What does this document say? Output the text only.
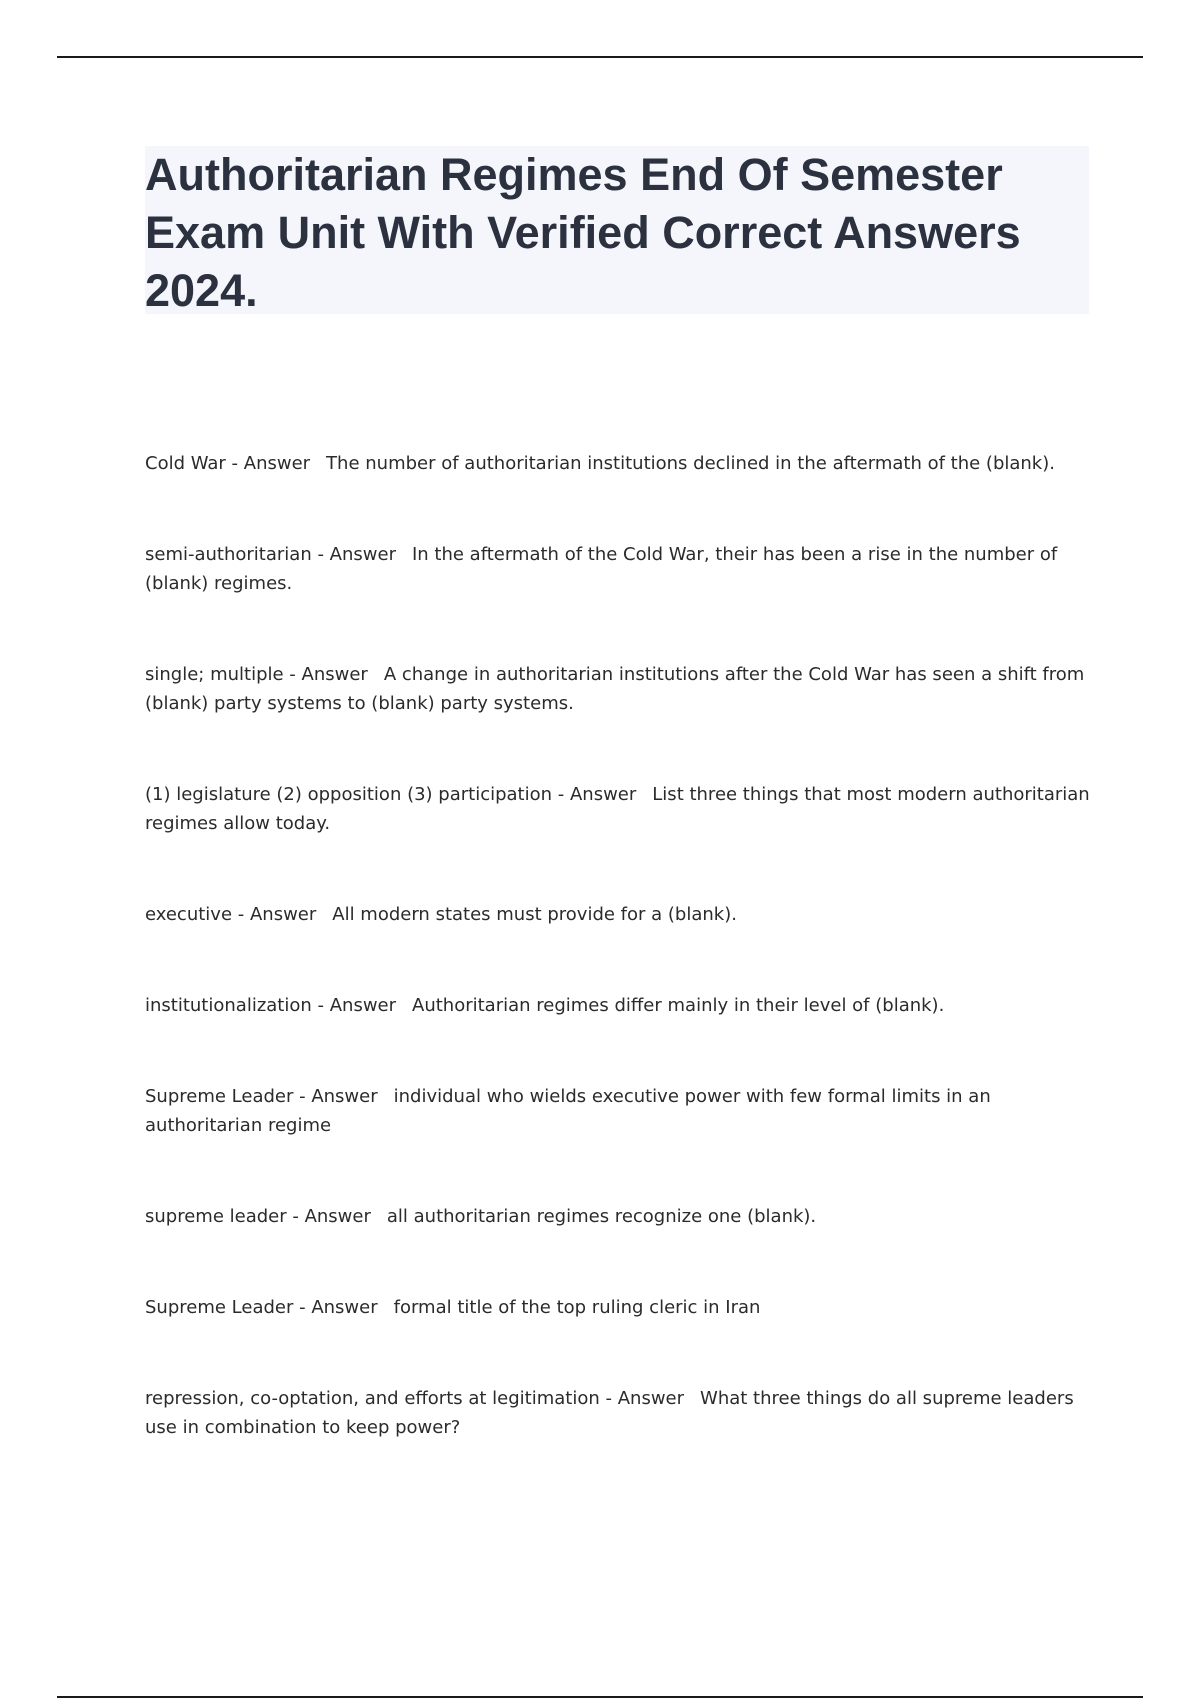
Authoritarian Regimes End Of Semester Exam Unit With Verified Correct Answers 2024.

Cold War - Answer The number of authoritarian institutions declined in the aftermath of the (blank).

semi-authoritarian - Answer In the aftermath of the Cold War, their has been a rise in the number of (blank) regimes.

single; multiple - Answer A change in authoritarian institutions after the Cold War has seen a shift from (blank) party systems to (blank) party systems.

(1) legislature (2) opposition (3) participation - Answer List three things that most modern authoritarian regimes allow today.

executive - Answer All modern states must provide for a (blank).

institutionalization - Answer Authoritarian regimes differ mainly in their level of (blank).

Supreme Leader - Answer individual who wields executive power with few formal limits in an authoritarian regime

supreme leader - Answer all authoritarian regimes recognize one (blank).

Supreme Leader - Answer formal title of the top ruling cleric in Iran

repression, co-optation, and efforts at legitimation - Answer What three things do all supreme leaders use in combination to keep power?
